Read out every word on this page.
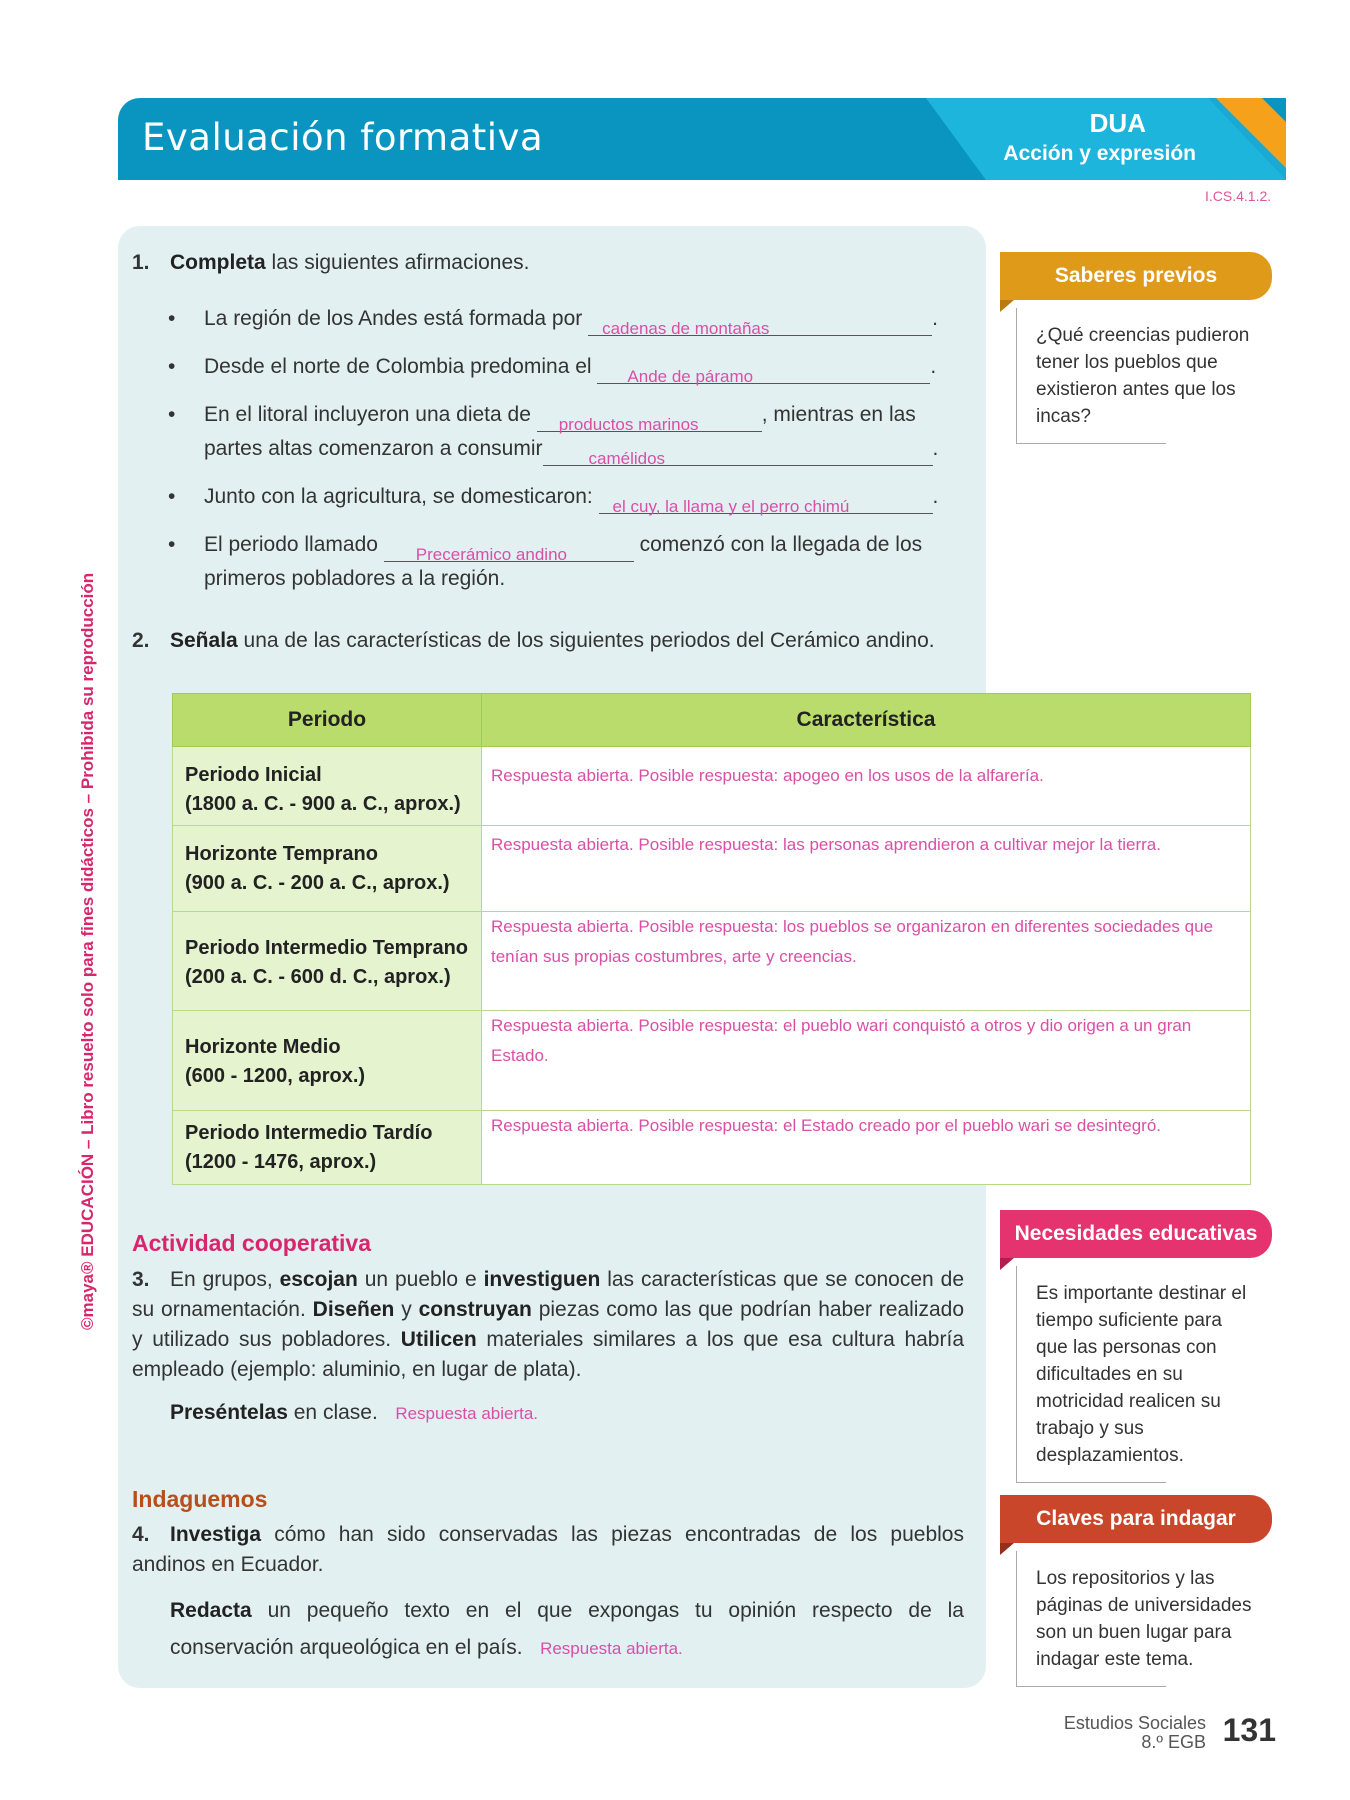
Evaluación formativa	DUA
Acción y expresión
I.CS.4.1.2.
©maya® EDUCACIÓN – Libro resuelto solo para fines didácticos – Prohibida su reproducción
1. Completa las siguientes afirmaciones.
• La región de los Andes está formada por cadenas de montañas	.
• Desde el norte de Colombia predomina el Ande de páramo	.
• En el litoral incluyeron una dieta de productos marinos	, mientras en las
partes altas comenzaron a consumir	camélidos	.
• Junto con la agricultura, se domesticaron: el cuy, la llama y el perro chimú	.
• El periodo llamado Precerámico andino	comenzó con la llegada de los
primeros pobladores a la región.
2. Señala una de las características de los siguientes periodos del Cerámico andino.
Periodo	Característica

Periodo Inicial
(1800 a. C. - 900 a. C., aprox.)	Respuesta abierta. Posible respuesta: apogeo en los usos de la alfarería.

Horizonte Temprano
(900 a. C. - 200 a. C., aprox.)	Respuesta abierta. Posible respuesta: las personas aprendieron a cultivar mejor la tierra.

Periodo Intermedio Temprano
(200 a. C. - 600 d. C., aprox.)	Respuesta abierta. Posible respuesta: los pueblos se organizaron en diferentes sociedades que tenían sus propias costumbres, arte y creencias.

Horizonte Medio
(600 - 1200, aprox.)	Respuesta abierta. Posible respuesta: el pueblo wari conquistó a otros y dio origen a un gran Estado.

Periodo Intermedio Tardío
(1200 - 1476, aprox.)	Respuesta abierta. Posible respuesta: el Estado creado por el pueblo wari se desintegró.
Actividad cooperativa
3. En grupos, escojan un pueblo e investiguen las características que se conocen de su ornamentación. Diseñen y construyan piezas como las que podrían haber realizado y utilizado sus pobladores. Utilicen materiales similares a los que esa cultura habría empleado (ejemplo: aluminio, en lugar de plata).
Preséntelas en clase. Respuesta abierta.
Indaguemos
4. Investiga cómo han sido conservadas las piezas encontradas de los pueblos andinos en Ecuador.
Redacta un pequeño texto en el que expongas tu opinión respecto de la conservación arqueológica en el país. Respuesta abierta.
Saberes previos
¿Qué creencias pudieron tener los pueblos que existieron antes que los incas?
Necesidades educativas
Es importante destinar el tiempo suficiente para que las personas con dificultades en su motricidad realicen su trabajo y sus desplazamientos.
Claves para indagar
Los repositorios y las páginas de universidades son un buen lugar para indagar este tema.
Estudios Sociales
8.º EGB 131
